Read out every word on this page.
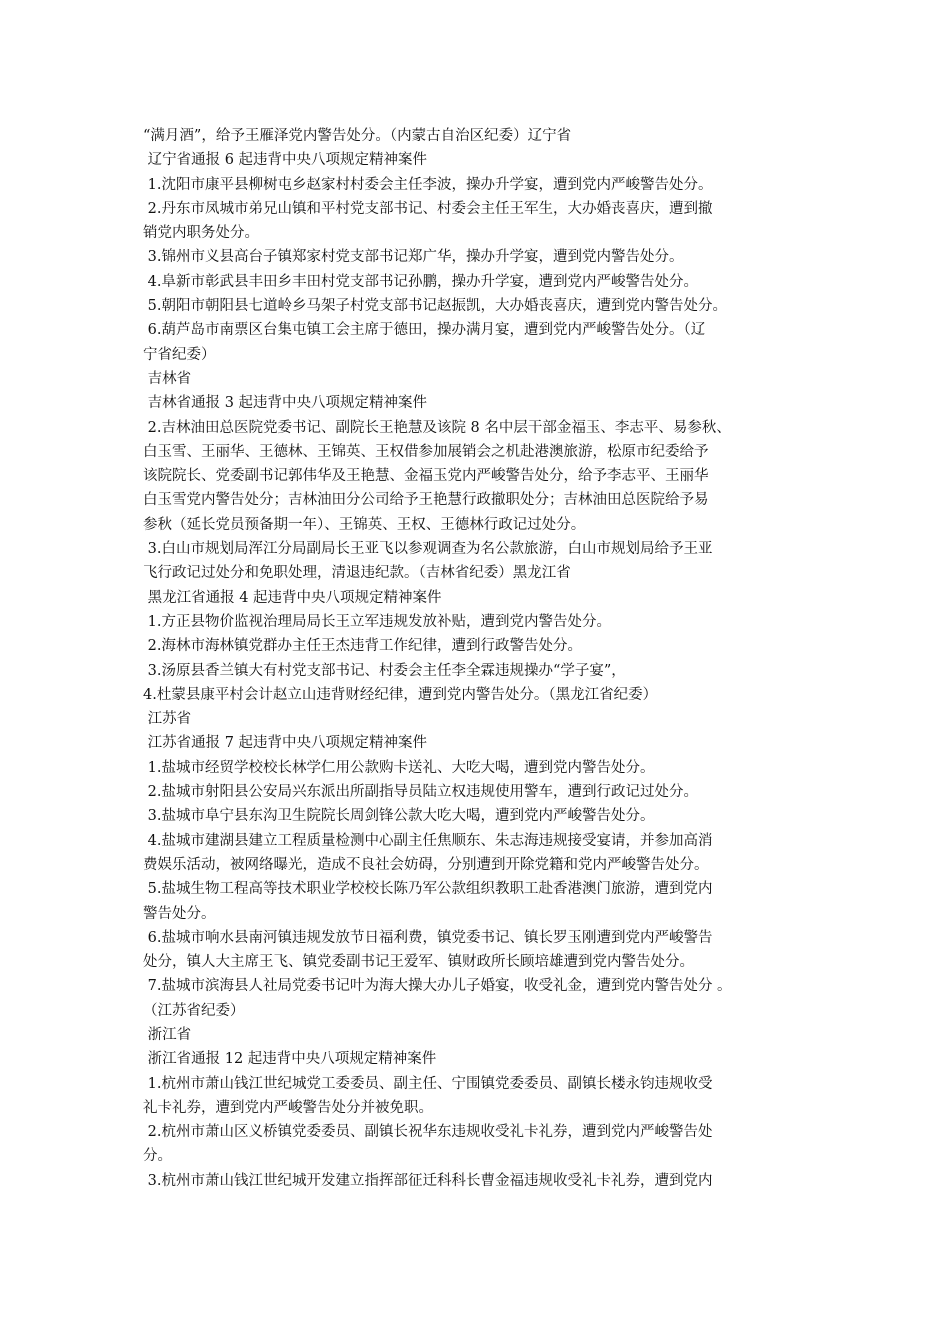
“满月酒”，给予王雁泽党内警告处分。（内蒙古自治区纪委）辽宁省
辽宁省通报 6 起违背中央八项规定精神案件
1.沈阳市康平县柳树屯乡赵家村村委会主任李波，操办升学宴，遭到党内严峻警告处分。
2.丹东市凤城市弟兄山镇和平村党支部书记、村委会主任王军生，大办婚丧喜庆，遭到撤
销党内职务处分。
3.锦州市义县高台子镇郑家村党支部书记郑广华，操办升学宴，遭到党内警告处分。
4.阜新市彰武县丰田乡丰田村党支部书记孙鹏，操办升学宴，遭到党内严峻警告处分。
5.朝阳市朝阳县七道岭乡马架子村党支部书记赵振凯，大办婚丧喜庆，遭到党内警告处分。
6.葫芦岛市南票区台集屯镇工会主席于德田，操办满月宴，遭到党内严峻警告处分。（辽
宁省纪委）
吉林省
吉林省通报 3 起违背中央八项规定精神案件
2.吉林油田总医院党委书记、副院长王艳慧及该院 8 名中层干部金福玉、李志平、易参秋、
白玉雪、王丽华、王德林、王锦英、王权借参加展销会之机赴港澳旅游，松原市纪委给予
该院院长、党委副书记郭伟华及王艳慧、金福玉党内严峻警告处分，给予李志平、王丽华
白玉雪党内警告处分；吉林油田分公司给予王艳慧行政撤职处分；吉林油田总医院给予易
参秋（延长党员预备期一年）、王锦英、王权、王德林行政记过处分。
3.白山市规划局浑江分局副局长王亚飞以参观调查为名公款旅游，白山市规划局给予王亚
飞行政记过处分和免职处理，清退违纪款。（吉林省纪委）黑龙江省
黑龙江省通报 4 起违背中央八项规定精神案件
1.方正县物价监视治理局局长王立军违规发放补贴，遭到党内警告处分。
2.海林市海林镇党群办主任王杰违背工作纪律，遭到行政警告处分。
3.汤原县香兰镇大有村党支部书记、村委会主任李全霖违规操办“学子宴”，
4.杜蒙县康平村会计赵立山违背财经纪律，遭到党内警告处分。（黑龙江省纪委）
江苏省
江苏省通报 7 起违背中央八项规定精神案件
1.盐城市经贸学校校长林学仁用公款购卡送礼、大吃大喝，遭到党内警告处分。
2.盐城市射阳县公安局兴东派出所副指导员陆立权违规使用警车，遭到行政记过处分。
3.盐城市阜宁县东沟卫生院院长周剑锋公款大吃大喝，遭到党内严峻警告处分。
4.盐城市建湖县建立工程质量检测中心副主任焦顺东、朱志海违规接受宴请，并参加高消
费娱乐活动，被网络曝光，造成不良社会妨碍，分别遭到开除党籍和党内严峻警告处分。
5.盐城生物工程高等技术职业学校校长陈乃军公款组织教职工赴香港澳门旅游，遭到党内
警告处分。
6.盐城市响水县南河镇违规发放节日福利费，镇党委书记、镇长罗玉刚遭到党内严峻警告
处分，镇人大主席王飞、镇党委副书记王爱军、镇财政所长顾培雄遭到党内警告处分。
7.盐城市滨海县人社局党委书记叶为海大操大办儿子婚宴，收受礼金，遭到党内警告处分 。
（江苏省纪委）
浙江省
浙江省通报 12 起违背中央八项规定精神案件
1.杭州市萧山钱江世纪城党工委委员、副主任、宁围镇党委委员、副镇长楼永钧违规收受
礼卡礼券，遭到党内严峻警告处分并被免职。
2.杭州市萧山区义桥镇党委委员、副镇长祝华东违规收受礼卡礼券，遭到党内严峻警告处
分。
3.杭州市萧山钱江世纪城开发建立指挥部征迁科科长曹金福违规收受礼卡礼券，遭到党内
